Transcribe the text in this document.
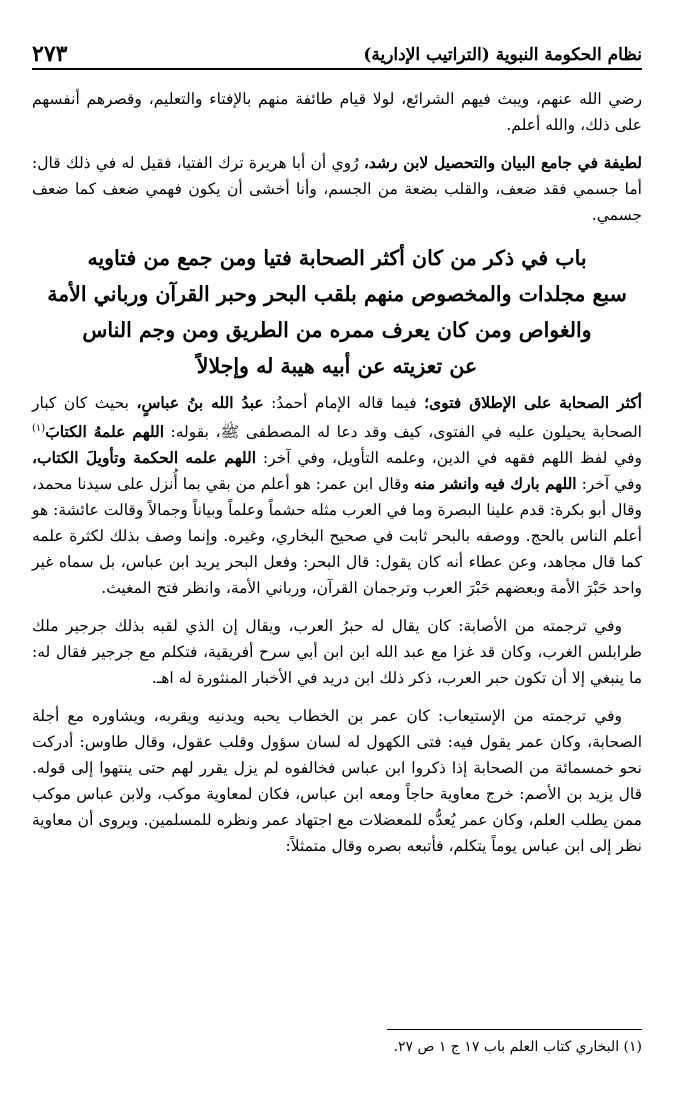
نظام الحكومة النبوية (التراتيب الإدارية)
٢٧٣

رضي الله عنهم، ويبث فيهم الشرائع، لولا قيام طائفة منهم بالإفتاء والتعليم، وقصرهم أنفسهم على ذلك، والله أعلم.

لطيفة في جامع البيان والتحصيل لابن رشد، رُوي أن أبا هريرة ترك الفتيا، فقيل له في ذلك قال: أما جسمي فقد ضعف، والقلب بضعة من الجسم، وأنا أخشى أن يكون فهمي ضعف كما ضعف جسمي.

باب في ذكر من كان أكثر الصحابة فتيا ومن جمع من فتاويه
سبع مجلدات والمخصوص منهم بلقب البحر وحبر القرآن ورباني الأمة
والغواص ومن كان يعرف ممره من الطريق ومن وجم الناس
عن تعزيته عن أبيه هيبة له وإجلالاً

أكثر الصحابة على الإطلاق فتوى؛ فيما قاله الإمام أحمدُ: عبدُ الله بنُ عباسٍ، بحيث كان كبار الصحابة يحيلون عليه في الفتوى، كيف وقد دعا له المصطفى ﷺ، بقوله: اللهم علمهُ الكتابَ$^{(١)}$ وفي لفظ اللهم فقهه في الدين، وعلمه التأويل، وفي آخر: اللهم علمه الحكمة وتأويلَ الكتاب، وفي آخر: اللهم بارك فيه وانشر منه وقال ابن عمر: هو أعلم من بقي بما أُنزل على سيدنا محمد، وقال أبو بكرة: قدم علينا البصرة وما في العرب مثله حشماً وعلماً وبياناً وجمالاً وقالت عائشة: هو أعلم الناس بالحج. ووصفه بالبحر ثابت في صحيح البخاري، وغيره. وإنما وصف بذلك لكثرة علمه كما قال مجاهد، وعن عطاء أنه كان يقول: قال البحر: وفعل البحر يريد ابن عباس، بل سماه غير واحد حَبْرَ الأمة وبعضهم حَبْرَ العرب وترجمان القرآن، ورباني الأمة، وانظر فتح المغيث.

وفي ترجمته من الأصابة: كان يقال له حبرُ العرب، ويقال إن الذي لقبه بذلك جرجير ملك طرابلس الغرب، وكان قد غزا مع عبد الله ابن ابن أبي سرح أفريقية، فتكلم مع جرجير فقال له: ما ينبغي إلا أن تكون حبر العرب، ذكر ذلك ابن دريد في الأخبار المنثورة له اهـ.

وفي ترجمته من الإستيعاب: كان عمر بن الخطاب يحبه ويدنيه ويقربه، ويشاوره مع أجلة الصحابة، وكان عمر يقول فيه: فتى الكهول له لسان سؤول وقلب عقول، وقال طاوس: أدركت نحو خمسمائة من الصحابة إذا ذكروا ابن عباس فخالفوه لم يزل يقرر لهم حتى ينتهوا إلى قوله. قال يزيد بن الأصم: خرج معاوية حاجاً ومعه ابن عباس، فكان لمعاوية موكب، ولابن عباس موكب ممن يطلب العلم، وكان عمر يُعدُّه للمعضلات مع اجتهاد عمر ونظره للمسلمين. ويروى أن معاوية نظر إلى ابن عباس يوماً يتكلم، فأتبعه بصره وقال متمثلاً:

(١) البخاري كتاب العلم باب ١٧ ج ١ ص ٢٧.
